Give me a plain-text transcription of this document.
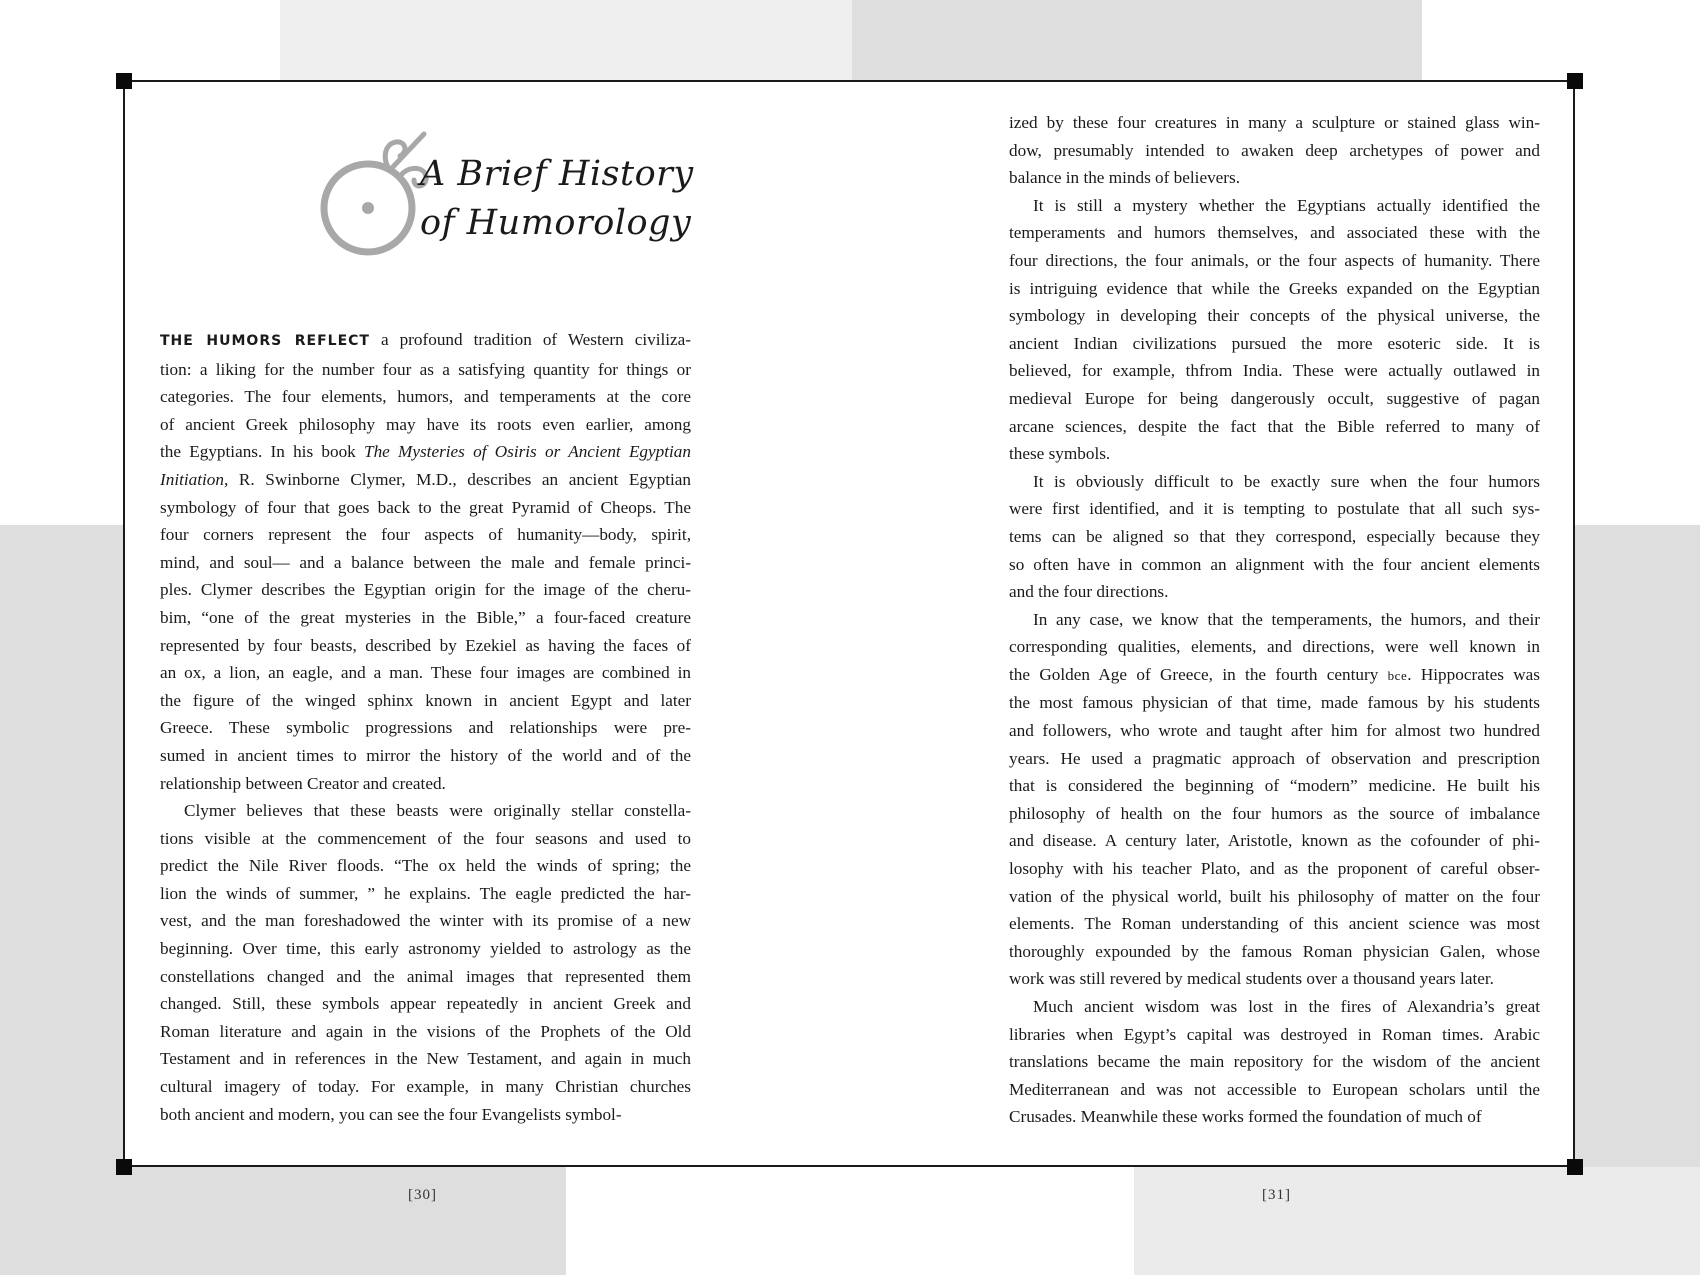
A Brief History
of Humorology

THE HUMORS REFLECT a profound tradition of Western civiliza-
tion: a liking for the number four as a satisfying quantity for things or
categories. The four elements, humors, and temperaments at the core
of ancient Greek philosophy may have its roots even earlier, among
the Egyptians. In his book The Mysteries of Osiris or Ancient Egyptian
Initiation, R. Swinborne Clymer, M.D., describes an ancient Egyptian
symbology of four that goes back to the great Pyramid of Cheops. The
four corners represent the four aspects of humanity—body, spirit,
mind, and soul— and a balance between the male and female princi-
ples. Clymer describes the Egyptian origin for the image of the cheru-
bim, “one of the great mysteries in the Bible,” a four-faced creature
represented by four beasts, described by Ezekiel as having the faces of
an ox, a lion, an eagle, and a man. These four images are combined in
the figure of the winged sphinx known in ancient Egypt and later
Greece. These symbolic progressions and relationships were pre-
sumed in ancient times to mirror the history of the world and of the
relationship between Creator and created.

Clymer believes that these beasts were originally stellar constella-
tions visible at the commencement of the four seasons and used to
predict the Nile River floods. “The ox held the winds of spring; the
lion the winds of summer, ” he explains. The eagle predicted the har-
vest, and the man foreshadowed the winter with its promise of a new
beginning. Over time, this early astronomy yielded to astrology as the
constellations changed and the animal images that represented them
changed. Still, these symbols appear repeatedly in ancient Greek and
Roman literature and again in the visions of the Prophets of the Old
Testament and in references in the New Testament, and again in much
cultural imagery of today. For example, in many Christian churches
both ancient and modern, you can see the four Evangelists symbol-

[30]

ized by these four creatures in many a sculpture or stained glass win-
dow, presumably intended to awaken deep archetypes of power and
balance in the minds of believers.

It is still a mystery whether the Egyptians actually identified the
temperaments and humors themselves, and associated these with the
four directions, the four animals, or the four aspects of humanity. There
is intriguing evidence that while the Greeks expanded on the Egyptian
symbology in developing their concepts of the physical universe, the
ancient Indian civilizations pursued the more esoteric side. It is
believed, for example, thfrom India. These were actually outlawed in
medieval Europe for being dangerously occult, suggestive of pagan
arcane sciences, despite the fact that the Bible referred to many of
these symbols.

It is obviously difficult to be exactly sure when the four humors
were first identified, and it is tempting to postulate that all such sys-
tems can be aligned so that they correspond, especially because they
so often have in common an alignment with the four ancient elements
and the four directions.

In any case, we know that the temperaments, the humors, and their
corresponding qualities, elements, and directions, were well known in
the Golden Age of Greece, in the fourth century bce. Hippocrates was
the most famous physician of that time, made famous by his students
and followers, who wrote and taught after him for almost two hundred
years. He used a pragmatic approach of observation and prescription
that is considered the beginning of “modern” medicine. He built his
philosophy of health on the four humors as the source of imbalance
and disease. A century later, Aristotle, known as the cofounder of phi-
losophy with his teacher Plato, and as the proponent of careful obser-
vation of the physical world, built his philosophy of matter on the four
elements. The Roman understanding of this ancient science was most
thoroughly expounded by the famous Roman physician Galen, whose
work was still revered by medical students over a thousand years later.

Much ancient wisdom was lost in the fires of Alexandria’s great
libraries when Egypt’s capital was destroyed in Roman times. Arabic
translations became the main repository for the wisdom of the ancient
Mediterranean and was not accessible to European scholars until the
Crusades. Meanwhile these works formed the foundation of much of

[31]
